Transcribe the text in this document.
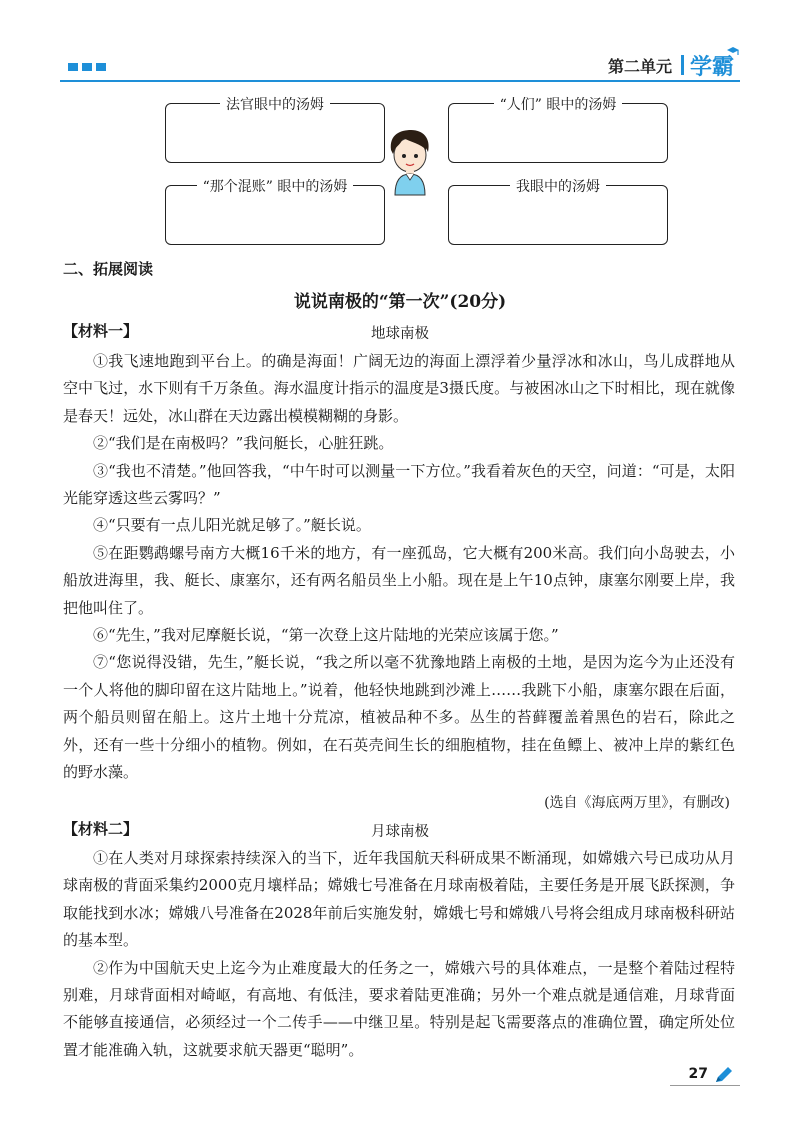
第二单元 学霸
法官眼中的汤姆	“人们” 眼中的汤姆
“那个混账” 眼中的汤姆	我眼中的汤姆
二、拓展阅读
说说南极的“第一次”(20分)
【材料一】	地球南极

①我飞速地跑到平台上。的确是海面！广阔无边的海面上漂浮着少量浮冰和冰山，鸟儿成群地从空中飞过，水下则有千万条鱼。海水温度计指示的温度是3摄氏度。与被困冰山之下时相比，现在就像是春天！远处，冰山群在天边露出模模糊糊的身影。

②“我们是在南极吗？”我问艇长，心脏狂跳。

③“我也不清楚。”他回答我，“中午时可以测量一下方位。”我看着灰色的天空，问道：“可是，太阳光能穿透这些云雾吗？”

④“只要有一点儿阳光就足够了。”艇长说。

⑤在距鹦鹉螺号南方大概16千米的地方，有一座孤岛，它大概有200米高。我们向小岛驶去，小船放进海里，我、艇长、康塞尔，还有两名船员坐上小船。现在是上午10点钟，康塞尔刚要上岸，我把他叫住了。

⑥“先生，”我对尼摩艇长说，“第一次登上这片陆地的光荣应该属于您。”

⑦“您说得没错，先生，”艇长说，“我之所以毫不犹豫地踏上南极的土地，是因为迄今为止还没有一个人将他的脚印留在这片陆地上。”说着，他轻快地跳到沙滩上……我跳下小船，康塞尔跟在后面，两个船员则留在船上。这片土地十分荒凉，植被品种不多。丛生的苔藓覆盖着黑色的岩石，除此之外，还有一些十分细小的植物。例如，在石英壳间生长的细胞植物，挂在鱼鳔上、被冲上岸的紫红色的野水藻。

(选自《海底两万里》，有删改)
【材料二】	月球南极

①在人类对月球探索持续深入的当下，近年我国航天科研成果不断涌现，如嫦娥六号已成功从月球南极的背面采集约2000克月壤样品；嫦娥七号准备在月球南极着陆，主要任务是开展飞跃探测，争取能找到水冰；嫦娥八号准备在2028年前后实施发射，嫦娥七号和嫦娥八号将会组成月球南极科研站的基本型。

②作为中国航天史上迄今为止难度最大的任务之一，嫦娥六号的具体难点，一是整个着陆过程特别难，月球背面相对崎岖，有高地、有低洼，要求着陆更准确；另外一个难点就是通信难，月球背面不能够直接通信，必须经过一个二传手——中继卫星。特别是起飞需要落点的准确位置，确定所处位置才能准确入轨，这就要求航天器更“聪明”。

27
